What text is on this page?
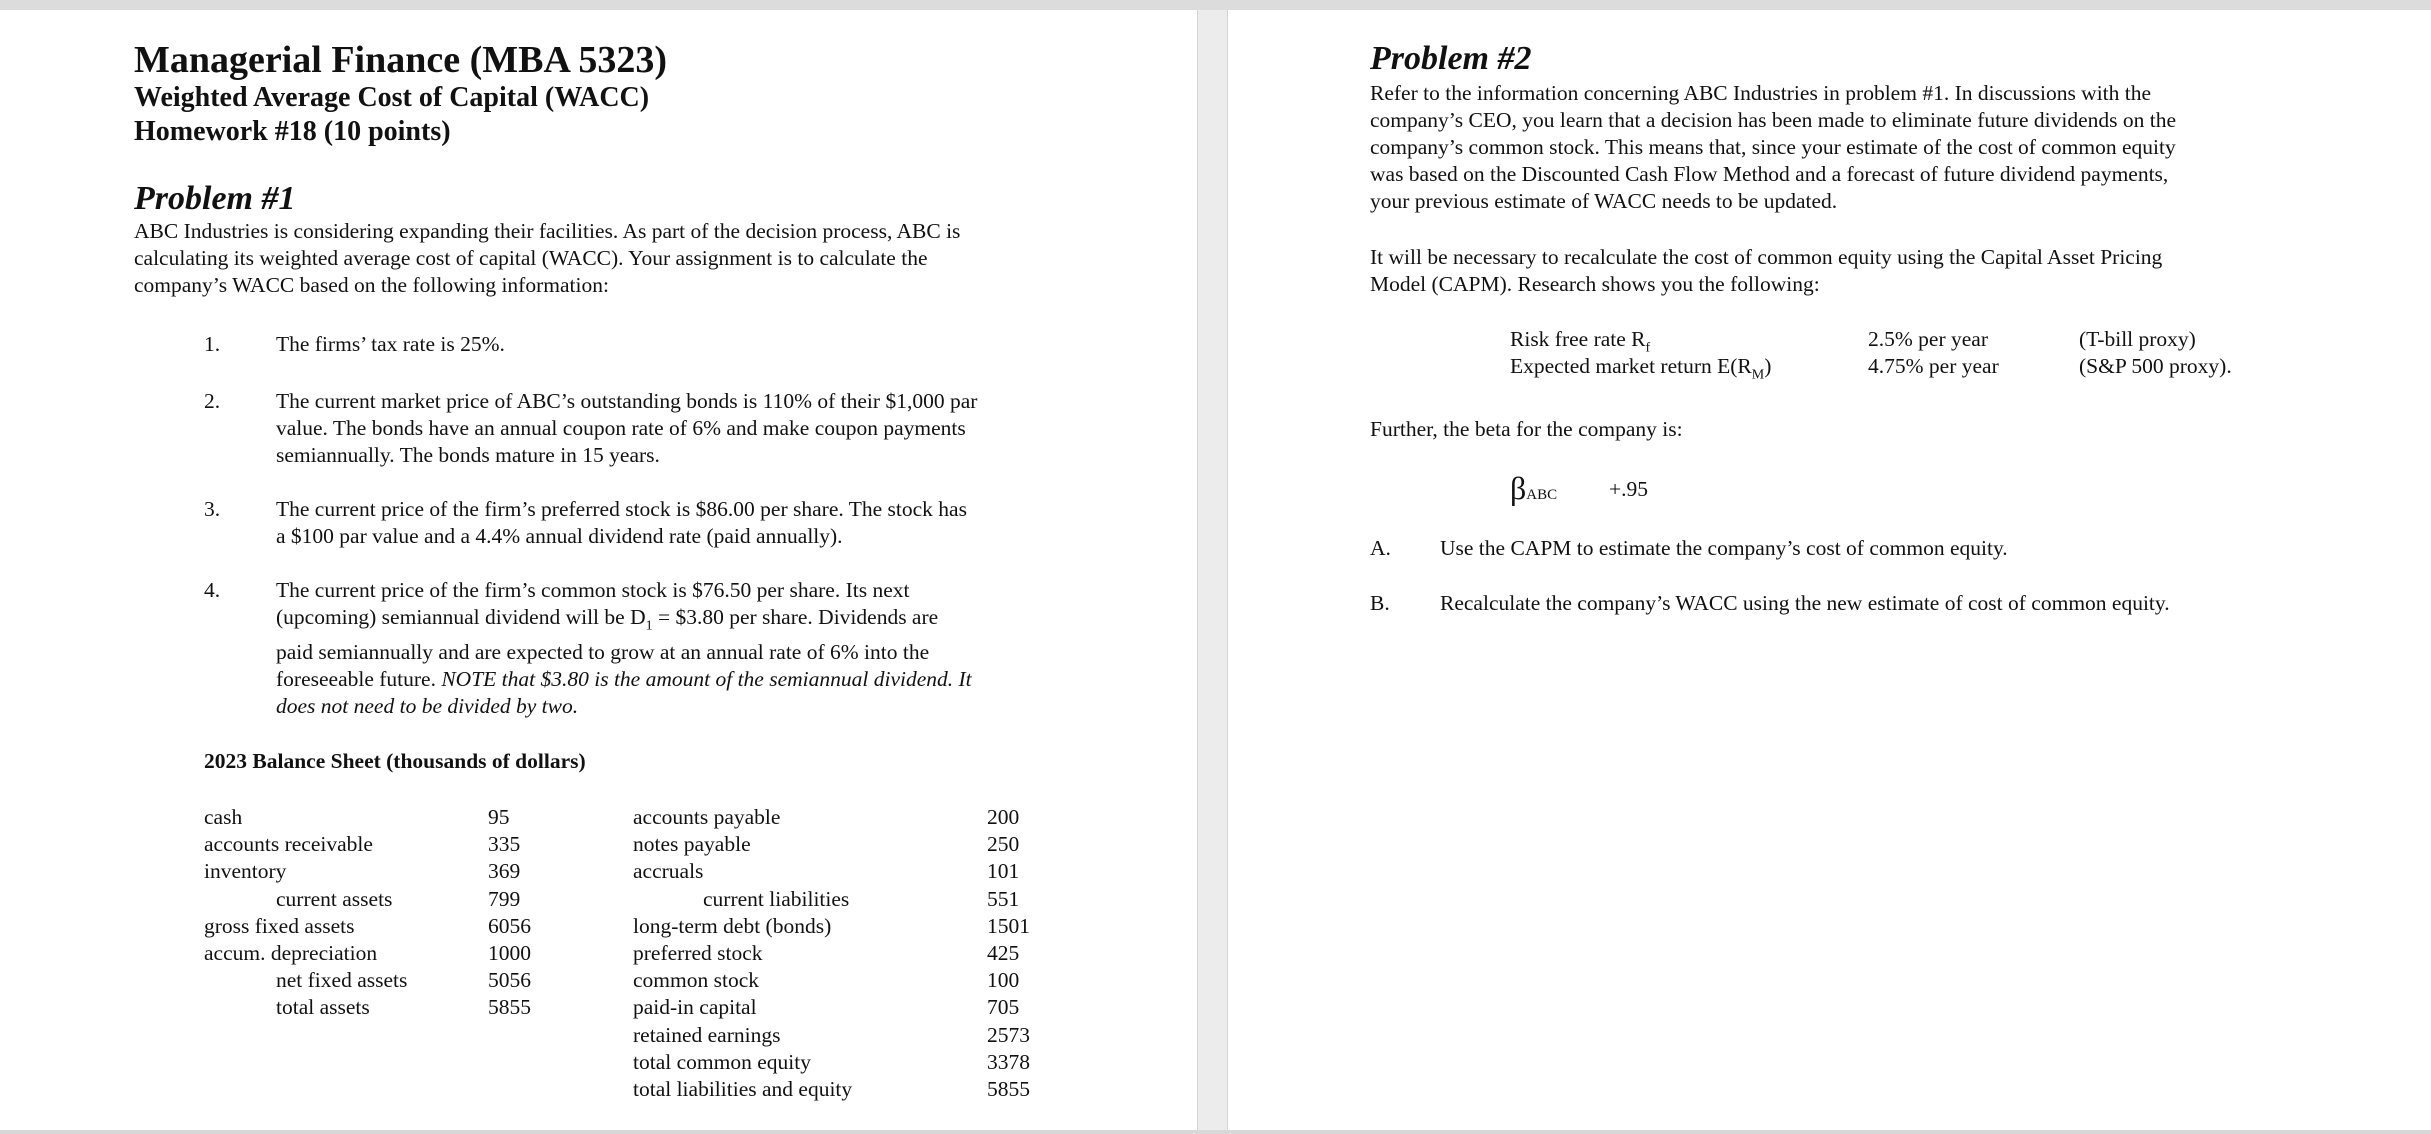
Managerial Finance (MBA 5323)
Weighted Average Cost of Capital (WACC)
Homework #18 (10 points)
Problem #1
ABC Industries is considering expanding their facilities. As part of the decision process, ABC is
calculating its weighted average cost of capital (WACC). Your assignment is to calculate the
company’s WACC based on the following information:
1.	The firms’ tax rate is 25%.
2.	The current market price of ABC’s outstanding bonds is 110% of their $1,000 par
value. The bonds have an annual coupon rate of 6% and make coupon payments
semiannually. The bonds mature in 15 years.
3.	The current price of the firm’s preferred stock is $86.00 per share. The stock has
a $100 par value and a 4.4% annual dividend rate (paid annually).
4.	The current price of the firm’s common stock is $76.50 per share. Its next
(upcoming) semiannual dividend will be $D_1$ = $3.80 per share. Dividends are
paid semiannually and are expected to grow at an annual rate of 6% into the
foreseeable future. NOTE that $3.80 is the amount of the semiannual dividend. It
does not need to be divided by two.
2023 Balance Sheet (thousands of dollars)
cash	95
accounts receivable	335
inventory	369
current assets	799
gross fixed assets	6056
accum. depreciation	1000
net fixed assets	5056
total assets	5855
accounts payable	200
notes payable	250
accruals	101
current liabilities	551
long-term debt (bonds)	1501
preferred stock	425
common stock	100
paid-in capital	705
retained earnings	2573
total common equity	3378
total liabilities and equity	5855
Problem #2
Refer to the information concerning ABC Industries in problem #1. In discussions with the
company’s CEO, you learn that a decision has been made to eliminate future dividends on the
company’s common stock. This means that, since your estimate of the cost of common equity
was based on the Discounted Cash Flow Method and a forecast of future dividend payments,
your previous estimate of WACC needs to be updated.
It will be necessary to recalculate the cost of common equity using the Capital Asset Pricing
Model (CAPM). Research shows you the following:
Risk free rate $R_f$	2.5% per year	(T-bill proxy)
Expected market return $E(R_M)$	4.75% per year	(S&P 500 proxy).
Further, the beta for the company is:
βABC +.95
A. Use the CAPM to estimate the company’s cost of common equity.
B. Recalculate the company’s WACC using the new estimate of cost of common equity.
